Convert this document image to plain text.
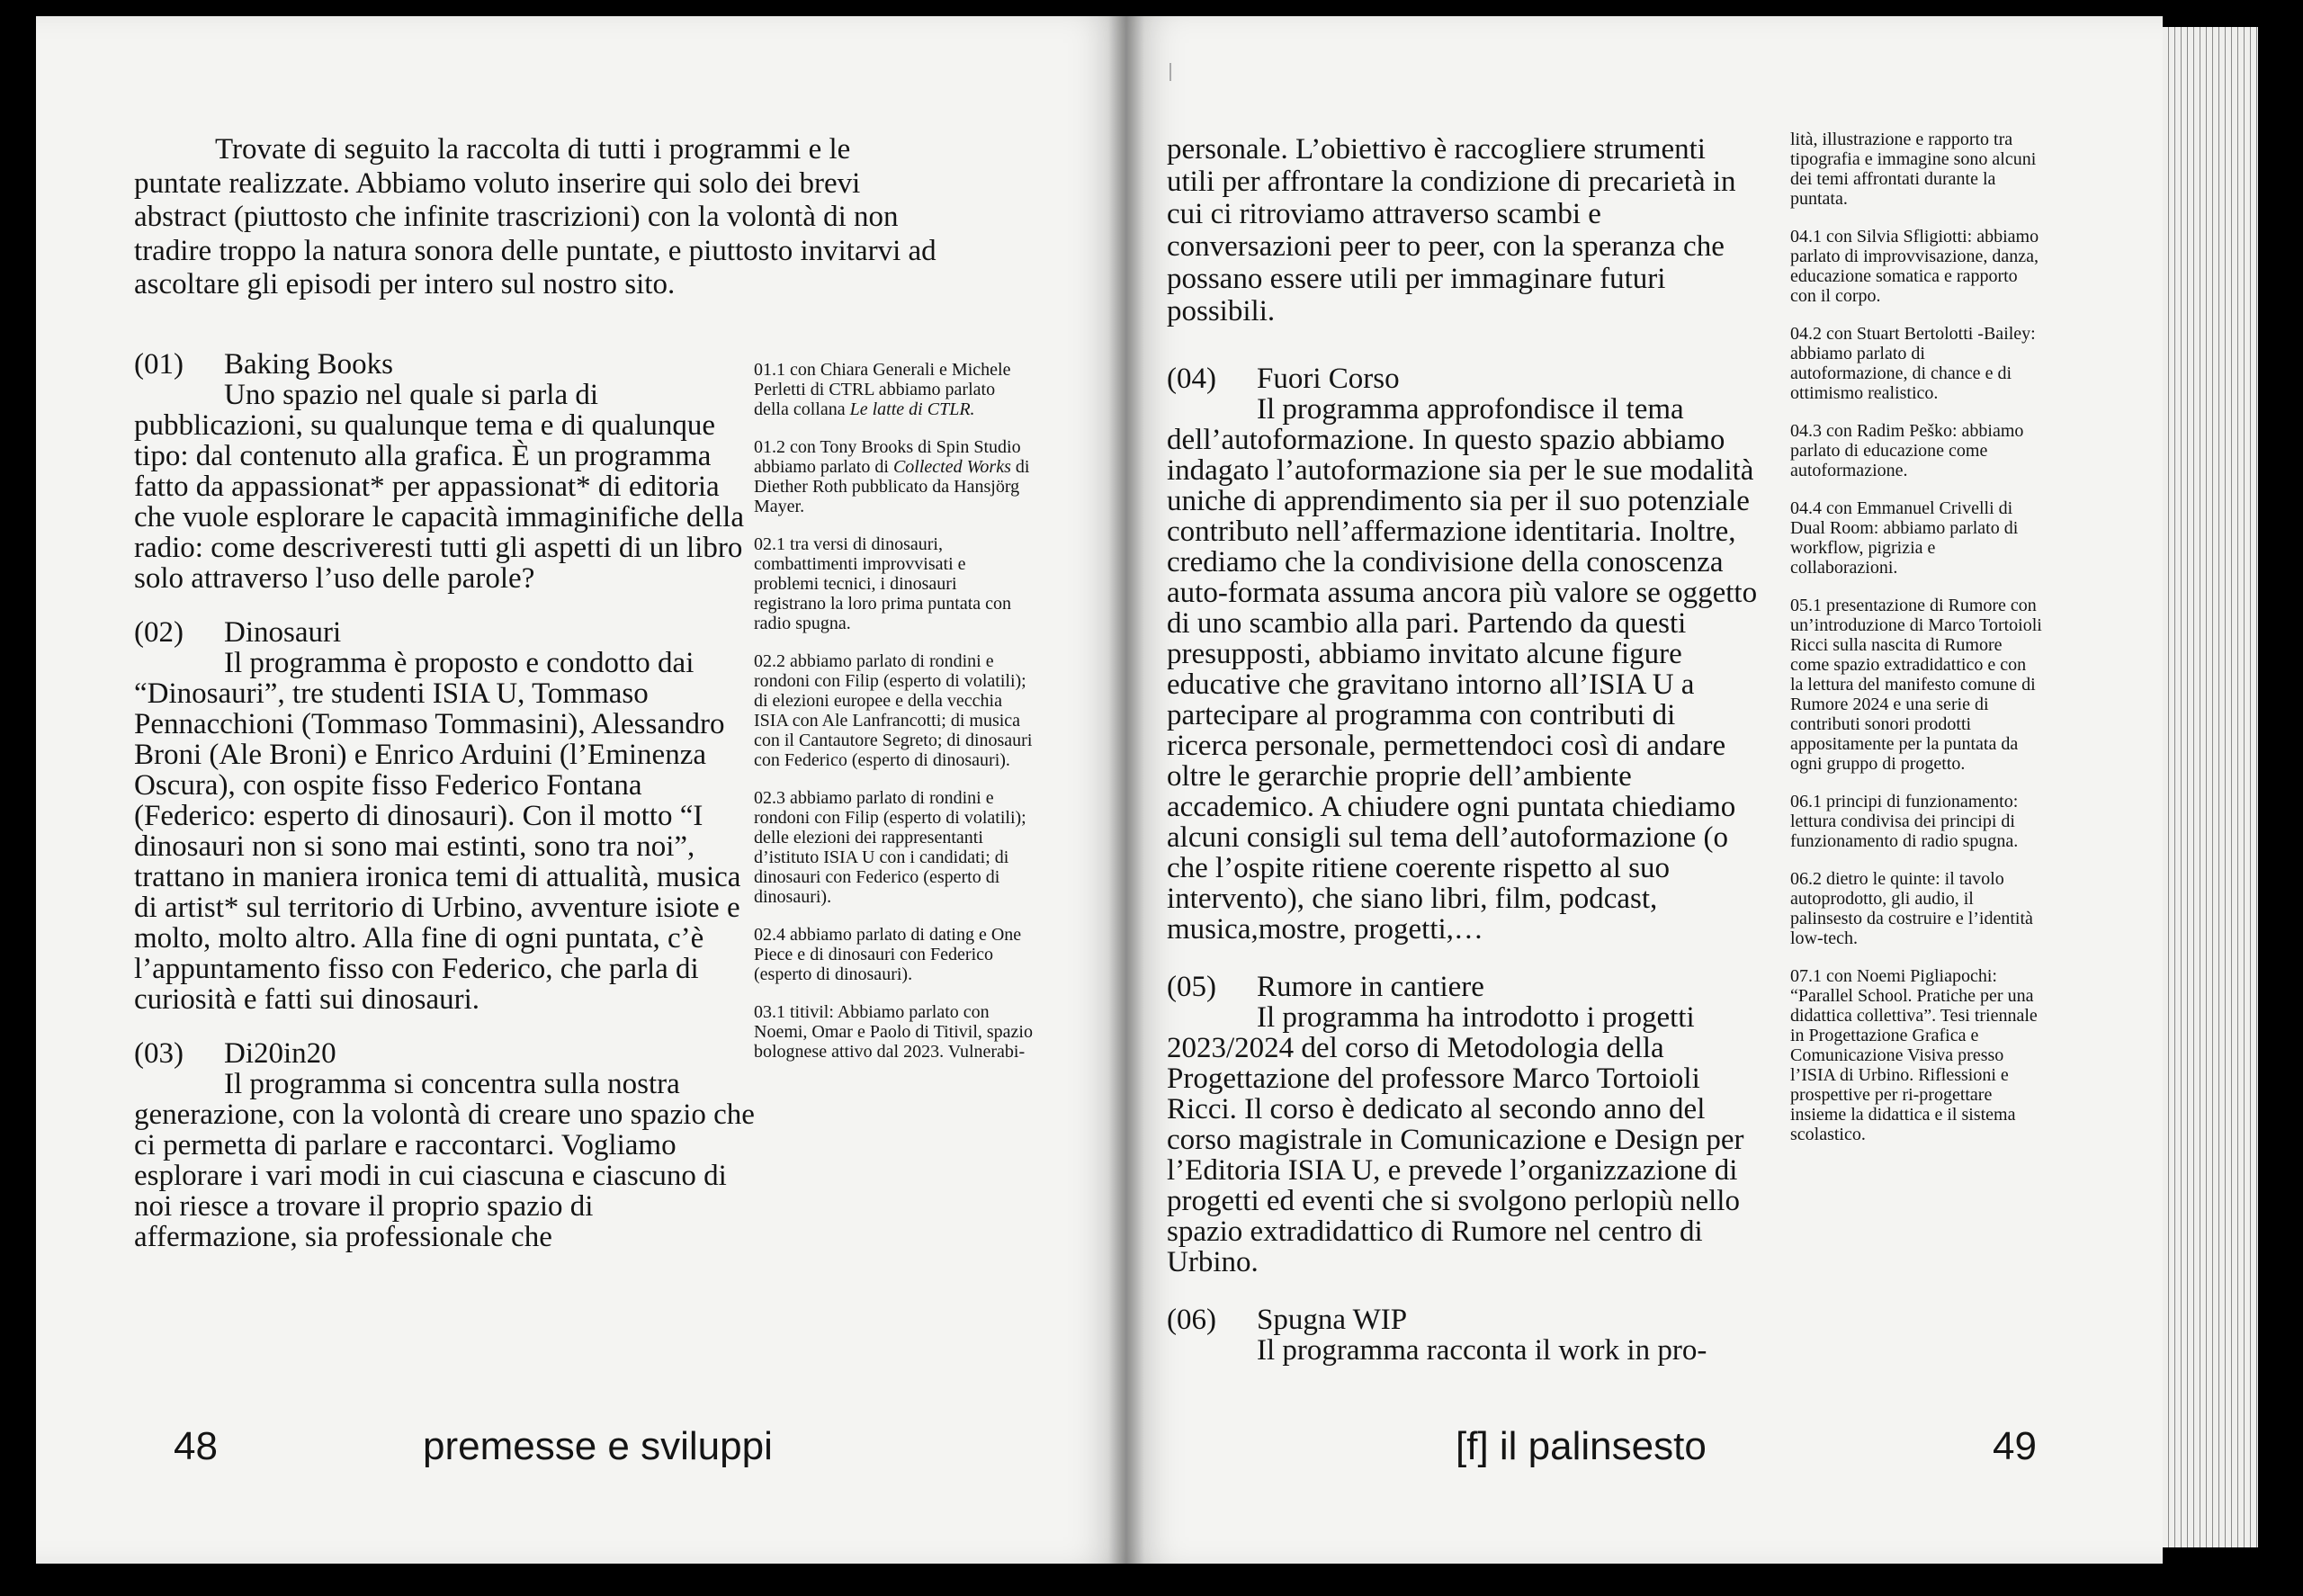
Trovate di seguito la raccolta di tutti i programmi e le puntate realizzate. Abbiamo voluto inserire qui solo dei brevi abstract (piuttosto che infinite trascrizioni) con la volontà di non tradire troppo la natura sonora delle puntate, e piuttosto invitarvi ad ascoltare gli episodi per intero sul nostro sito.

(01)	Baking Books

Uno spazio nel quale si parla di pubblicazioni, su qualunque tema e di qualunque tipo: dal contenuto alla grafica. È un programma fatto da appassionat* per appassionat* di editoria che vuole esplorare le capacità immaginifiche della radio: come descriveresti tutti gli aspetti di un libro solo attraverso l’uso delle parole?

(02)	Dinosauri

Il programma è proposto e condotto dai “Dinosauri”, tre studenti ISIA U, Tommaso Pennacchioni (Tommaso Tommasini), Alessandro Broni (Ale Broni) e Enrico Arduini (l’Eminenza Oscura), con ospite fisso Federico Fontana (Federico: esperto di dinosauri). Con il motto “I dinosauri non si sono mai estinti, sono tra noi”, trattano in maniera ironica temi di attualità, musica di artist* sul territorio di Urbino, avventure isiote e molto, molto altro. Alla fine di ogni puntata, c’è l’appuntamento fisso con Federico, che parla di curiosità e fatti sui dinosauri.

(03)	Di20in20

Il programma si concentra sulla nostra generazione, con la volontà di creare uno spazio che ci permetta di parlare e raccontarci. Vogliamo esplorare i vari modi in cui ciascuna e ciascuno di noi riesce a trovare il proprio spazio di affermazione, sia professionale che

01.1 con Chiara Generali e Michele Perletti di CTRL abbiamo parlato della collana Le latte di CTLR.

01.2 con Tony Brooks di Spin Studio abbiamo parlato di Collected Works di Diether Roth pubblicato da Hansjörg Mayer.

02.1 tra versi di dinosauri, combattimenti improvvisati e problemi tecnici, i dinosauri registrano la loro prima puntata con radio spugna.

02.2 abbiamo parlato di rondini e rondoni con Filip (esperto di volatili); di elezioni europee e della vecchia ISIA con Ale Lanfrancotti; di musica con il Cantautore Segreto; di dinosauri con Federico (esperto di dinosauri).

02.3 abbiamo parlato di rondini e rondoni con Filip (esperto di volatili); delle elezioni dei rappresentanti d’istituto ISIA U con i candidati; di dinosauri con Federico (esperto di dinosauri).

02.4 abbiamo parlato di dating e One Piece e di dinosauri con Federico (esperto di dinosauri).

03.1 titivil: Abbiamo parlato con Noemi, Omar e Paolo di Titivil, spazio bolognese attivo dal 2023. Vulnerabi-

48	premesse e sviluppi

personale. L’obiettivo è raccogliere strumenti utili per affrontare la condizione di precarietà in cui ci ritroviamo attraverso scambi e conversazioni peer to peer, con la speranza che possano essere utili per immaginare futuri possibili.

(04)	Fuori Corso

Il programma approfondisce il tema dell’autoformazione. In questo spazio abbiamo indagato l’autoformazione sia per le sue modalità uniche di apprendimento sia per il suo potenziale contributo nell’affermazione identitaria. Inoltre, crediamo che la condivisione della conoscenza auto-formata assuma ancora più valore se oggetto di uno scambio alla pari. Partendo da questi presupposti, abbiamo invitato alcune figure educative che gravitano intorno all’ISIA U a partecipare al programma con contributi di ricerca personale, permettendoci così di andare oltre le gerarchie proprie dell’ambiente accademico. A chiudere ogni puntata chiediamo alcuni consigli sul tema dell’autoformazione (o che l’ospite ritiene coerente rispetto al suo intervento), che siano libri, film, podcast, musica,mostre, progetti,…

(05)	Rumore in cantiere

Il programma ha introdotto i progetti 2023/2024 del corso di Metodologia della Progettazione del professore Marco Tortoioli Ricci. Il corso è dedicato al secondo anno del corso magistrale in Comunicazione e Design per l’Editoria ISIA U, e prevede l’organizzazione di progetti ed eventi che si svolgono perlopiù nello spazio extradidattico di Rumore nel centro di Urbino.

(06)	Spugna WIP

Il programma racconta il work in pro-

lità, illustrazione e rapporto tra tipografia e immagine sono alcuni dei temi affrontati durante la puntata.

04.1 con Silvia Sfligiotti: abbiamo parlato di improvvisazione, danza, educazione somatica e rapporto con il corpo.

04.2 con Stuart Bertolotti -Bailey: abbiamo parlato di autoformazione, di chance e di ottimismo realistico.

04.3 con Radim Peško: abbiamo parlato di educazione come autoformazione.

04.4 con Emmanuel Crivelli di Dual Room: abbiamo parlato di workflow, pigrizia e collaborazioni.

05.1 presentazione di Rumore con un’introduzione di Marco Tortoioli Ricci sulla nascita di Rumore come spazio extradidattico e con la lettura del manifesto comune di Rumore 2024 e una serie di contributi sonori prodotti appositamente per la puntata da ogni gruppo di progetto.

06.1 principi di funzionamento: lettura condivisa dei principi di funzionamento di radio spugna.

06.2 dietro le quinte: il tavolo autoprodotto, gli audio, il palinsesto da costruire e l’identità low-tech.

07.1 con Noemi Pigliapochi: “Parallel School. Pratiche per una didattica collettiva”. Tesi triennale in Progettazione Grafica e Comunicazione Visiva presso l’ISIA di Urbino. Riflessioni e prospettive per ri-progettare insieme la didattica e il sistema scolastico.

[f] il palinsesto	49
